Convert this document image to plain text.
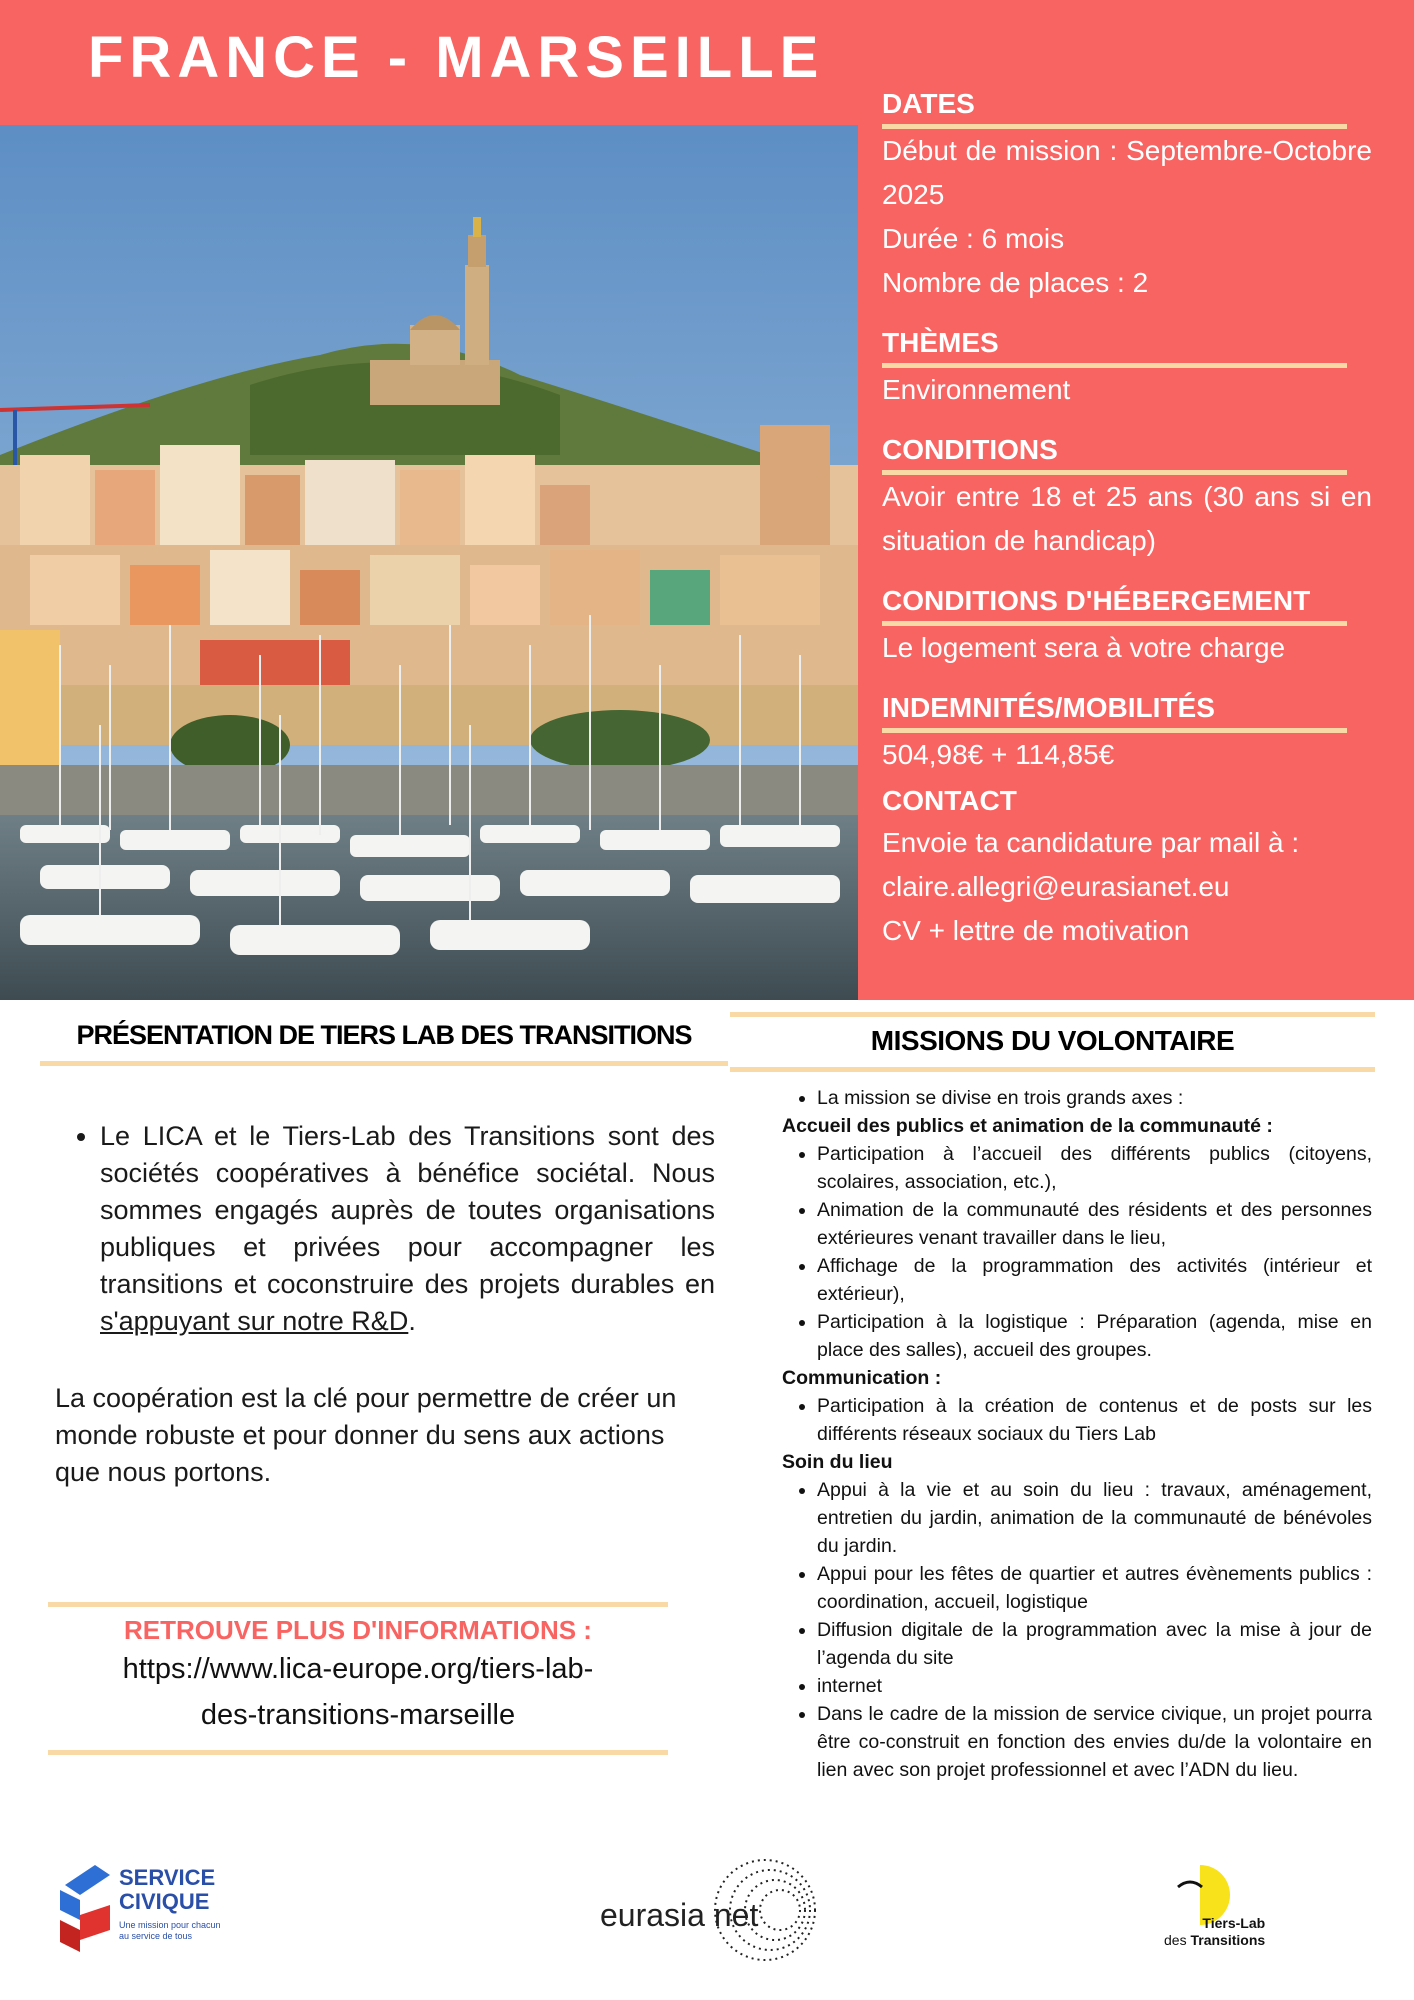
FRANCE - MARSEILLE
DATES

Début de mission : Septembre-Octobre 2025

Durée : 6 mois

Nombre de places : 2

THÈMES

Environnement

CONDITIONS

Avoir entre 18 et 25 ans (30 ans si en situation de handicap)

CONDITIONS D'HÉBERGEMENT

Le logement sera à votre charge

INDEMNITÉS/MOBILITÉS

504,98€ + 114,85€

CONTACT

Envoie ta candidature par mail à :

claire.allegri@eurasianet.eu

CV + lettre de motivation

PRÉSENTATION DE TIERS LAB DES TRANSITIONS
• Le LICA et le Tiers-Lab des Transitions sont des sociétés coopératives à bénéfice sociétal. Nous sommes engagés auprès de toutes organisations publiques et privées pour accompagner les transitions et coconstruire des projets durables en s'appuyant sur notre R&D.

La coopération est la clé pour permettre de créer un monde robuste et pour donner du sens aux actions que nous portons.

RETROUVE PLUS D'INFORMATIONS :

https://www.lica-europe.org/tiers-lab-

des-transitions-marseille

MISSIONS DU VOLONTAIRE
• La mission se divise en trois grands axes :

Accueil des publics et animation de la communauté :

• Participation à l’accueil des différents publics (citoyens, scolaires, association, etc.),
• Animation de la communauté des résidents et des personnes extérieures venant travailler dans le lieu,
• Affichage de la programmation des activités (intérieur et extérieur),
• Participation à la logistique : Préparation (agenda, mise en place des salles), accueil des groupes.

Communication :

• Participation à la création de contenus et de posts sur les différents réseaux sociaux du Tiers Lab

Soin du lieu

• Appui à la vie et au soin du lieu : travaux, aménagement, entretien du jardin, animation de la communauté de bénévoles du jardin.
• Appui pour les fêtes de quartier et autres évènements publics : coordination, accueil, logistique
• Diffusion digitale de la programmation avec la mise à jour de l’agenda du site
• internet
• Dans le cadre de la mission de service civique, un projet pourra être co-construit en fonction des envies du/de la volontaire en lien avec son projet professionnel et avec l’ADN du lieu.
SERVICE
CIVIQUE
Une mission pour chacun
au service de tous
eurasia net	Tiers-Lab
des Transitions
